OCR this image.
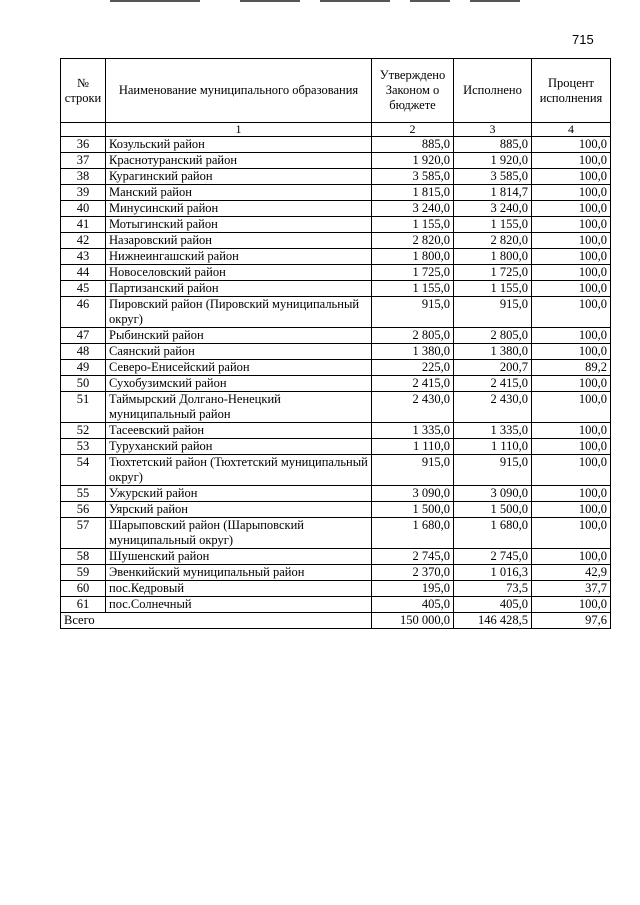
715
№ строки	Наименование муниципального образования	Утверждено Законом о бюджете	Исполнено	Процент исполнения
	1	2	3	4
36	Козульский район	885,0	885,0	100,0
37	Краснотуранский район	1 920,0	1 920,0	100,0
38	Курагинский район	3 585,0	3 585,0	100,0
39	Манский район	1 815,0	1 814,7	100,0
40	Минусинский район	3 240,0	3 240,0	100,0
41	Мотыгинский район	1 155,0	1 155,0	100,0
42	Назаровский район	2 820,0	2 820,0	100,0
43	Нижнеингашский район	1 800,0	1 800,0	100,0
44	Новоселовский район	1 725,0	1 725,0	100,0
45	Партизанский район	1 155,0	1 155,0	100,0
46	Пировский район (Пировский муниципальный округ)	915,0	915,0	100,0
47	Рыбинский район	2 805,0	2 805,0	100,0
48	Саянский район	1 380,0	1 380,0	100,0
49	Северо-Енисейский район	225,0	200,7	89,2
50	Сухобузимский район	2 415,0	2 415,0	100,0
51	Таймырский Долгано-Ненецкий муниципальный район	2 430,0	2 430,0	100,0
52	Тасеевский район	1 335,0	1 335,0	100,0
53	Туруханский район	1 110,0	1 110,0	100,0
54	Тюхтетский район (Тюхтетский муниципальный округ)	915,0	915,0	100,0
55	Ужурский район	3 090,0	3 090,0	100,0
56	Уярский район	1 500,0	1 500,0	100,0
57	Шарыповский район (Шарыповский муниципальный округ)	1 680,0	1 680,0	100,0
58	Шушенский район	2 745,0	2 745,0	100,0
59	Эвенкийский муниципальный район	2 370,0	1 016,3	42,9
60	пос.Кедровый	195,0	73,5	37,7
61	пос.Солнечный	405,0	405,0	100,0
Всего		150 000,0	146 428,5	97,6
